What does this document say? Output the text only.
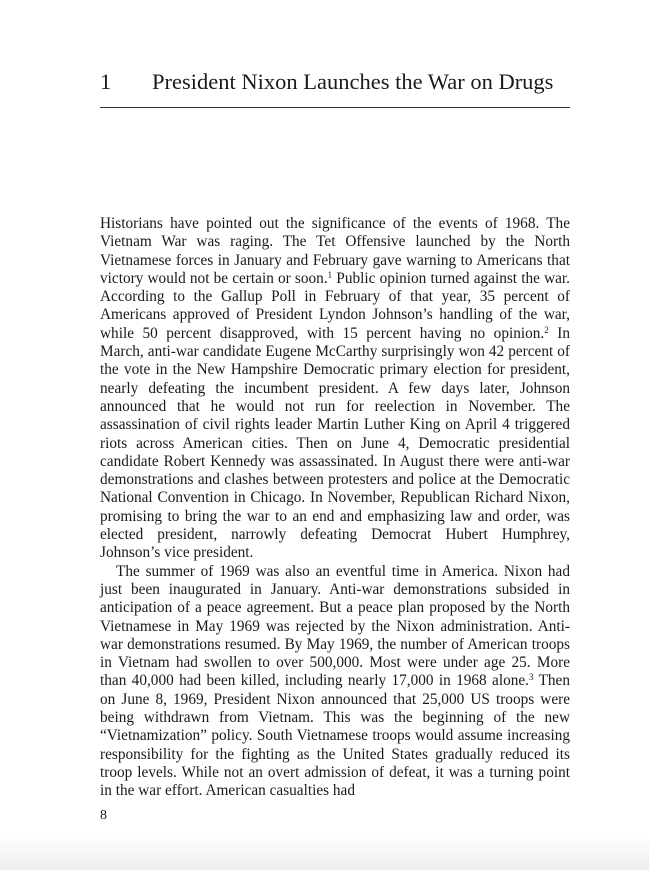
1 President Nixon Launches the War on Drugs

Historians have pointed out the significance of the events of 1968. The Vietnam War was raging. The Tet Offensive launched by the North Vietnamese forces in January and February gave warning to Americans that victory would not be certain or soon.$^1$ Public opinion turned against the war. According to the Gallup Poll in February of that year, 35 percent of Americans approved of President Lyndon Johnson’s handling of the war, while 50 percent disapproved, with 15 percent having no opinion.$^2$ In March, anti-war candidate Eugene McCarthy surprisingly won 42 percent of the vote in the New Hampshire Democratic primary election for president, nearly defeating the incumbent president. A few days later, Johnson announced that he would not run for reelection in November. The assassination of civil rights leader Martin Luther King on April 4 triggered riots across American cities. Then on June 4, Democratic presidential candidate Robert Kennedy was assassinated. In August there were anti-war demonstrations and clashes between protesters and police at the Democratic National Convention in Chicago. In November, Republican Richard Nixon, promising to bring the war to an end and emphasizing law and order, was elected president, narrowly defeating Democrat Hubert Humphrey, Johnson’s vice president.

The summer of 1969 was also an eventful time in America. Nixon had just been inaugurated in January. Anti-war demonstrations subsided in anticipation of a peace agreement. But a peace plan proposed by the North Vietnamese in May 1969 was rejected by the Nixon administration. Anti-war demonstrations resumed. By May 1969, the number of American troops in Vietnam had swollen to over 500,000. Most were under age 25. More than 40,000 had been killed, including nearly 17,000 in 1968 alone.$^3$ Then on June 8, 1969, President Nixon announced that 25,000 US troops were being withdrawn from Vietnam. This was the beginning of the new “Vietnamization” policy. South Vietnamese troops would assume increasing responsibility for the fighting as the United States gradually reduced its troop levels. While not an overt admission of defeat, it was a turning point in the war effort. American casualties had

8
